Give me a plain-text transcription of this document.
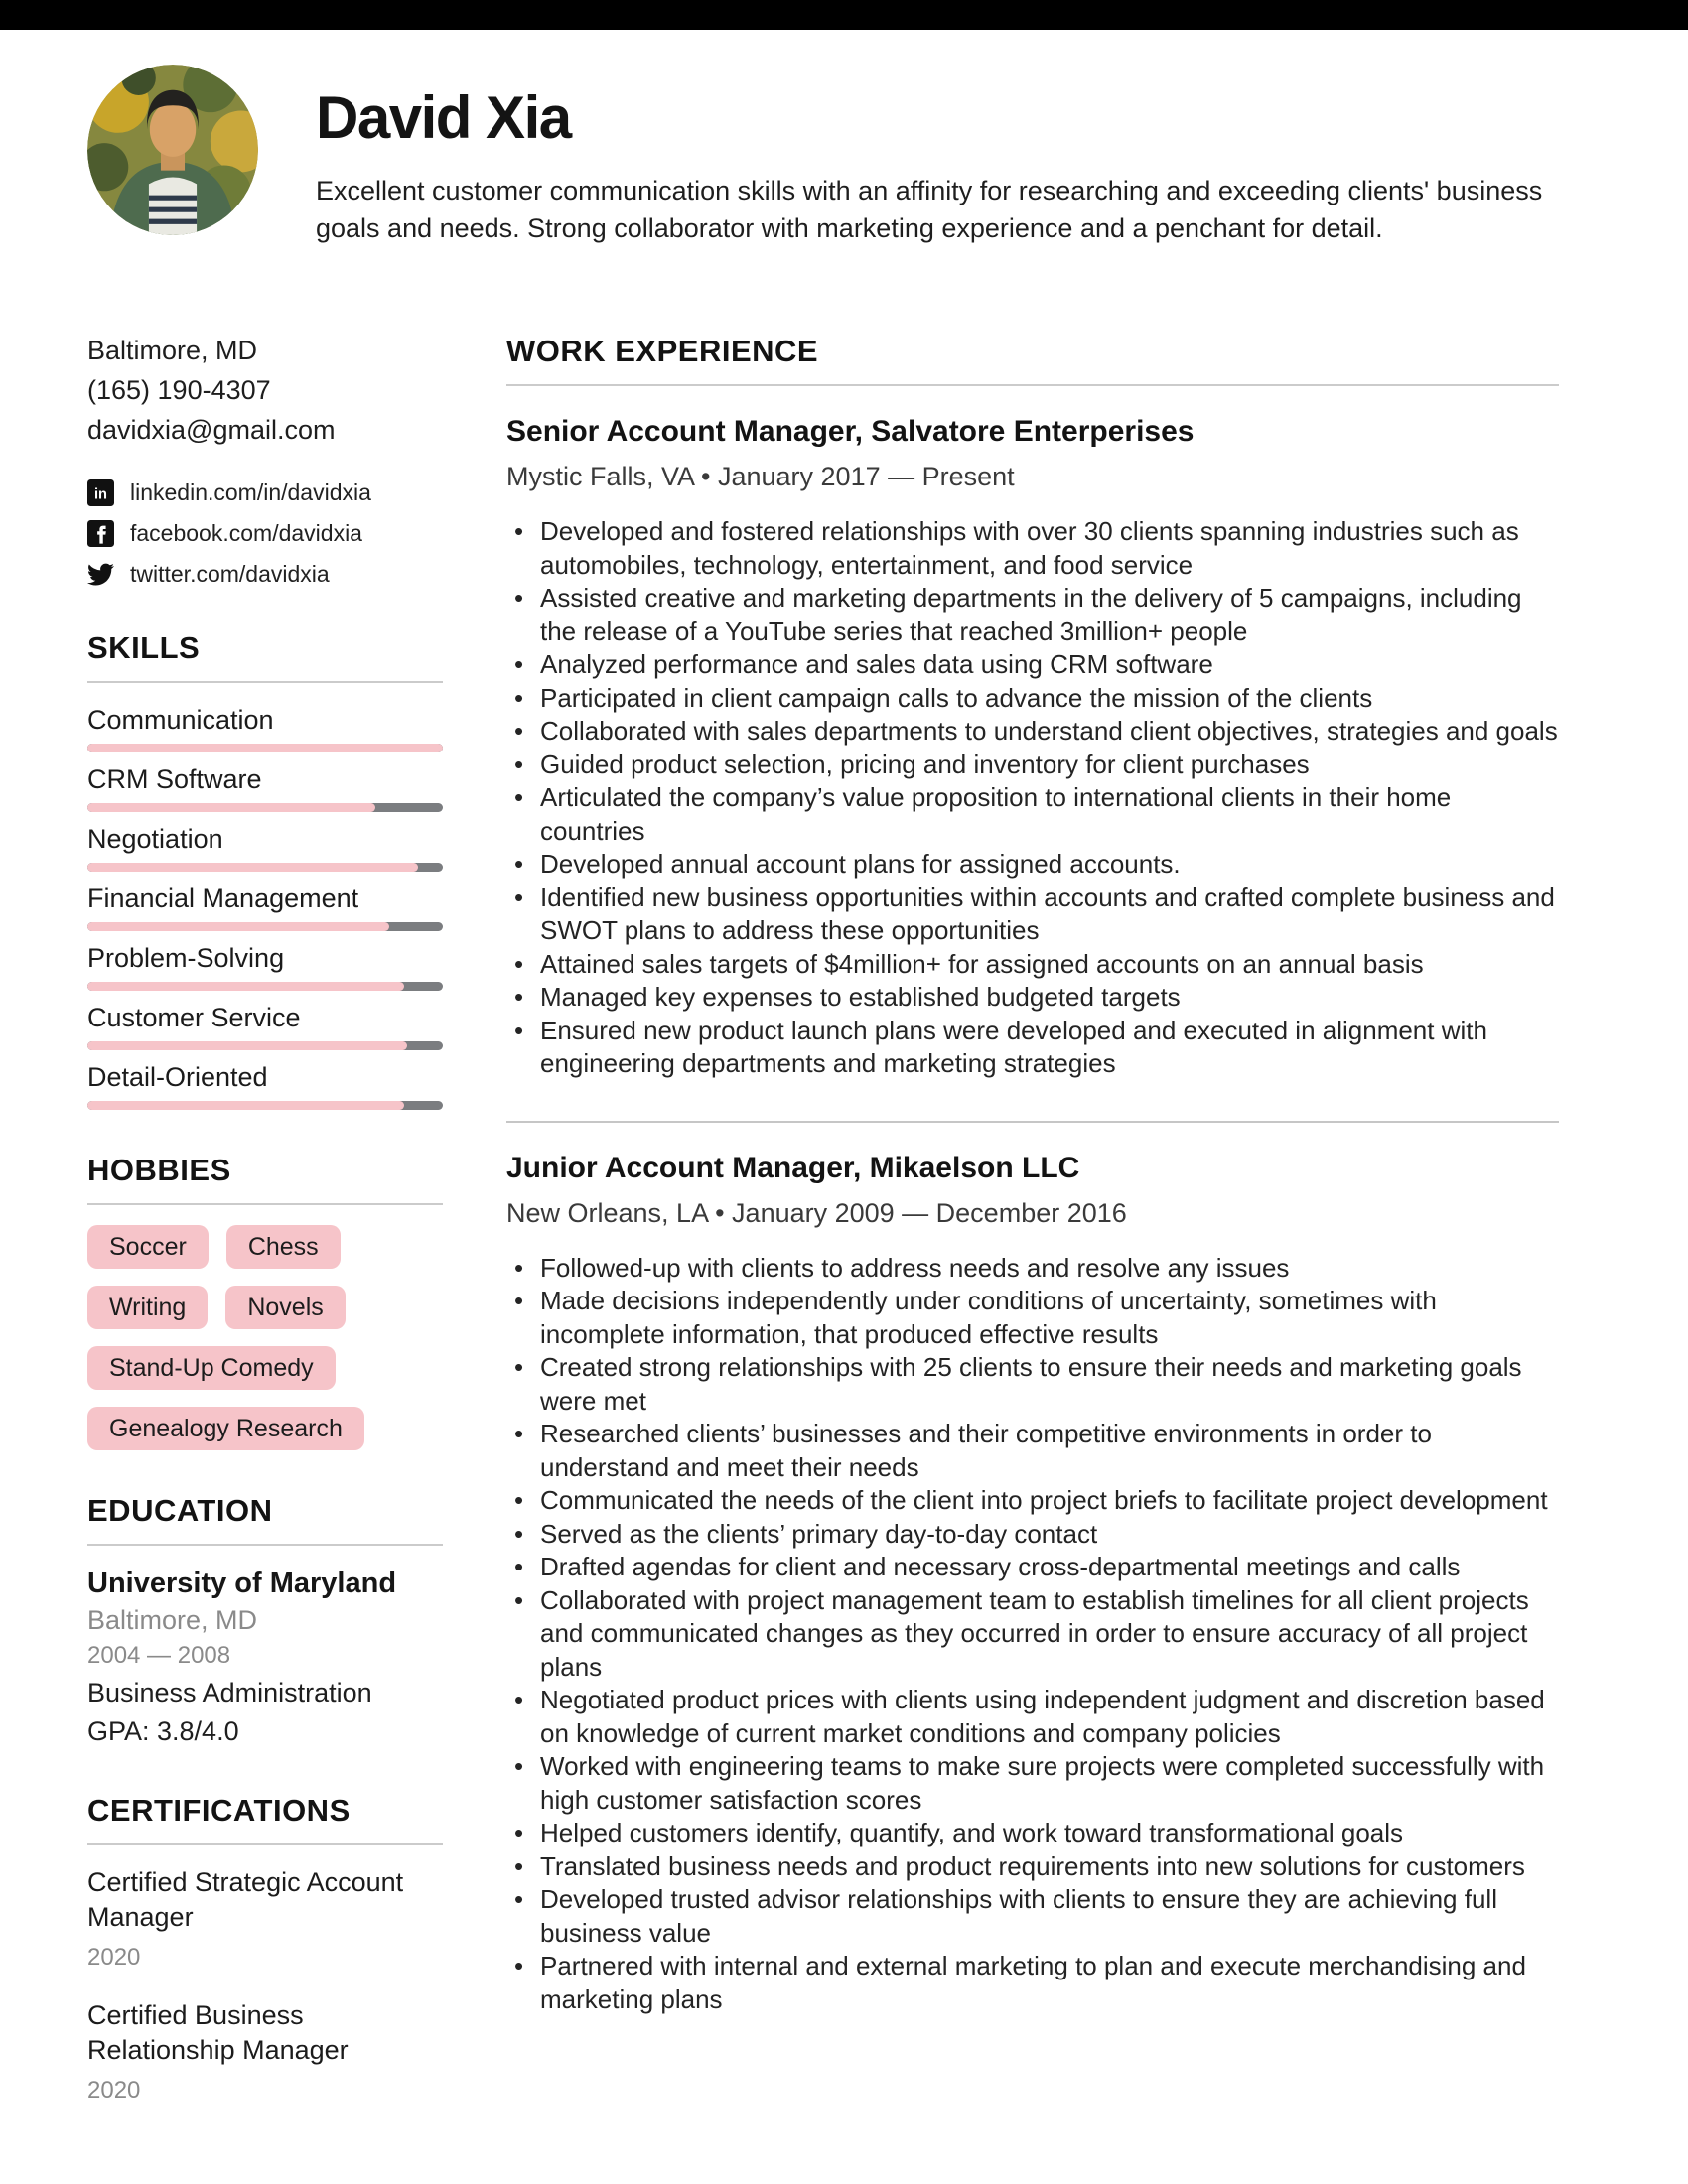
David Xia

Excellent customer communication skills with an affinity for researching and exceeding clients' business goals and needs. Strong collaborator with marketing experience and a penchant for detail.

Baltimore, MD
(165) 190-4307
davidxia@gmail.com
in linkedin.com/in/davidxia
facebook.com/davidxia
twitter.com/davidxia
SKILLS
Communication
CRM Software
Negotiation
Financial Management
Problem-Solving
Customer Service
Detail-Oriented
HOBBIES
Soccer	Chess
Writing	Novels
Stand-Up Comedy
Genealogy Research
EDUCATION
University of Maryland
Baltimore, MD
2004 — 2008
Business Administration
GPA: 3.8/4.0
CERTIFICATIONS
Certified Strategic Account Manager
2020
Certified Business Relationship Manager
2020
WORK EXPERIENCE
Senior Account Manager, Salvatore Enterperises
Mystic Falls, VA • January 2017 — Present
• Developed and fostered relationships with over 30 clients spanning industries such as automobiles, technology, entertainment, and food service
• Assisted creative and marketing departments in the delivery of 5 campaigns, including the release of a YouTube series that reached 3million+ people
• Analyzed performance and sales data using CRM software
• Participated in client campaign calls to advance the mission of the clients
• Collaborated with sales departments to understand client objectives, strategies and goals
• Guided product selection, pricing and inventory for client purchases
• Articulated the company’s value proposition to international clients in their home countries
• Developed annual account plans for assigned accounts.
• Identified new business opportunities within accounts and crafted complete business and SWOT plans to address these opportunities
• Attained sales targets of $4million+ for assigned accounts on an annual basis
• Managed key expenses to established budgeted targets
• Ensured new product launch plans were developed and executed in alignment with engineering departments and marketing strategies
Junior Account Manager, Mikaelson LLC
New Orleans, LA • January 2009 — December 2016
• Followed-up with clients to address needs and resolve any issues
• Made decisions independently under conditions of uncertainty, sometimes with incomplete information, that produced effective results
• Created strong relationships with 25 clients to ensure their needs and marketing goals were met
• Researched clients’ businesses and their competitive environments in order to understand and meet their needs
• Communicated the needs of the client into project briefs to facilitate project development
• Served as the clients’ primary day-to-day contact
• Drafted agendas for client and necessary cross-departmental meetings and calls
• Collaborated with project management team to establish timelines for all client projects and communicated changes as they occurred in order to ensure accuracy of all project plans
• Negotiated product prices with clients using independent judgment and discretion based on knowledge of current market conditions and company policies
• Worked with engineering teams to make sure projects were completed successfully with high customer satisfaction scores
• Helped customers identify, quantify, and work toward transformational goals
• Translated business needs and product requirements into new solutions for customers
• Developed trusted advisor relationships with clients to ensure they are achieving full business value
• Partnered with internal and external marketing to plan and execute merchandising and marketing plans
